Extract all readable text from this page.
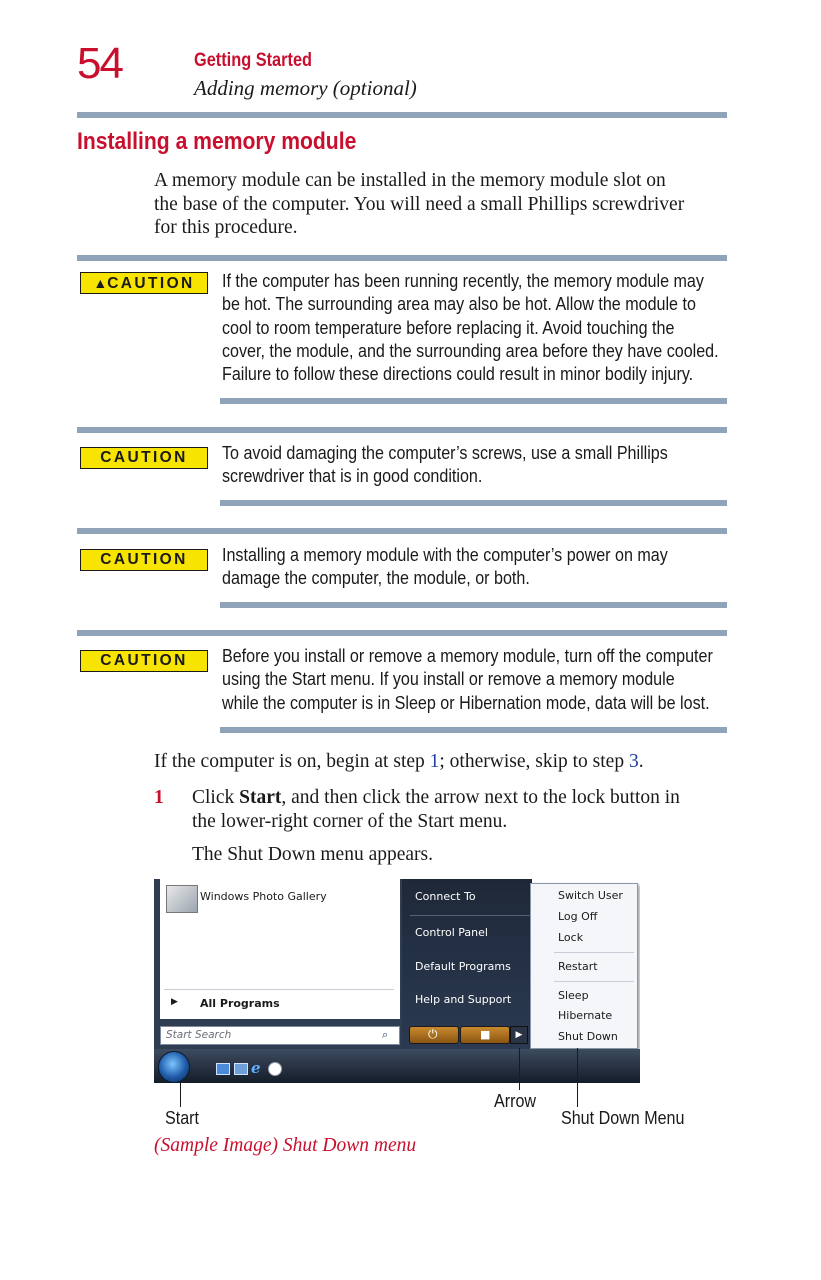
54	Getting Started
Adding memory (optional)
Installing a memory module
A memory module can be installed in the memory module slot on
the base of the computer. You will need a small Phillips screwdriver
for this procedure.
▲CAUTION	If the computer has been running recently, the memory module may
be hot. The surrounding area may also be hot. Allow the module to
cool to room temperature before replacing it. Avoid touching the
cover, the module, and the surrounding area before they have cooled.
Failure to follow these directions could result in minor bodily injury.
CAUTION	To avoid damaging the computer’s screws, use a small Phillips
screwdriver that is in good condition.
CAUTION	Installing a memory module with the computer’s power on may
damage the computer, the module, or both.
CAUTION	Before you install or remove a memory module, turn off the computer
using the Start menu. If you install or remove a memory module
while the computer is in Sleep or Hibernation mode, data will be lost.
If the computer is on, begin at step 1; otherwise, skip to step 3.
1 Click Start, and then click the arrow next to the lock button in
the lower-right corner of the Start menu.
The Shut Down menu appears.
Windows Photo Gallery
▶ All Programs
Start Search	⌕
Connect To
Control Panel
Default Programs
Help and Support
⏻	■	▶
Switch User
Log Off
Lock
Restart
Sleep
Hibernate
Shut Down
e
Start
Arrow
Shut Down Menu
(Sample Image) Shut Down menu
